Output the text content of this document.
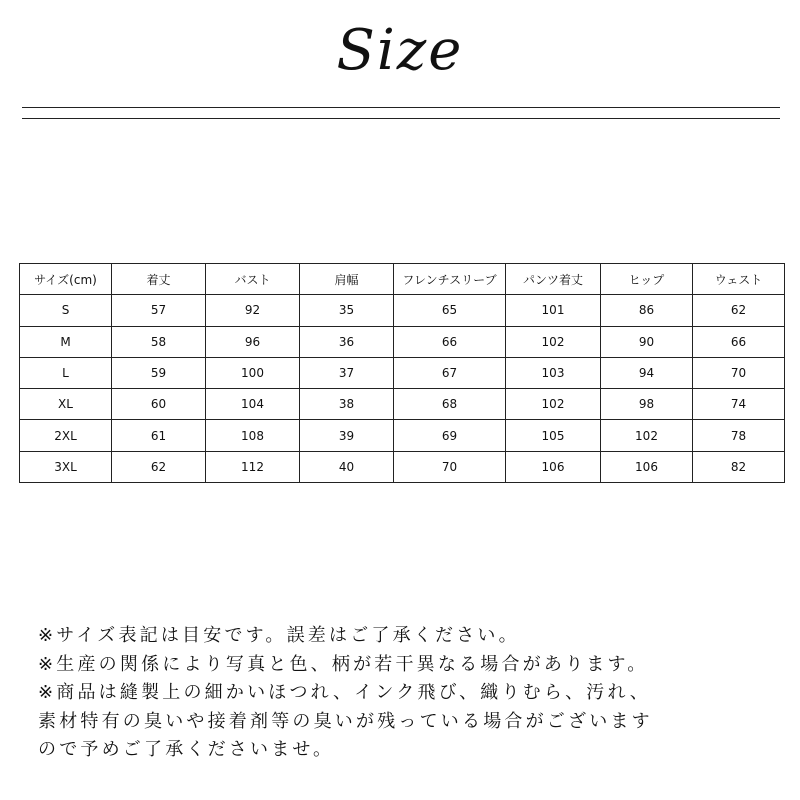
Size
サイズ(cm)	着丈	バスト	肩幅	フレンチスリーブ	パンツ着丈	ヒップ	ウェスト
S	57	92	35	65	101	86	62
M	58	96	36	66	102	90	66
L	59	100	37	67	103	94	70
XL	60	104	38	68	102	98	74
2XL	61	108	39	69	105	102	78
3XL	62	112	40	70	106	106	82
※サイズ表記は目安です。誤差はご了承ください。
※生産の関係により写真と色、柄が若干異なる場合があります。
※商品は縫製上の細かいほつれ、インク飛び、織りむら、汚れ、
素材特有の臭いや接着剤等の臭いが残っている場合がございます
ので予めご了承くださいませ。
